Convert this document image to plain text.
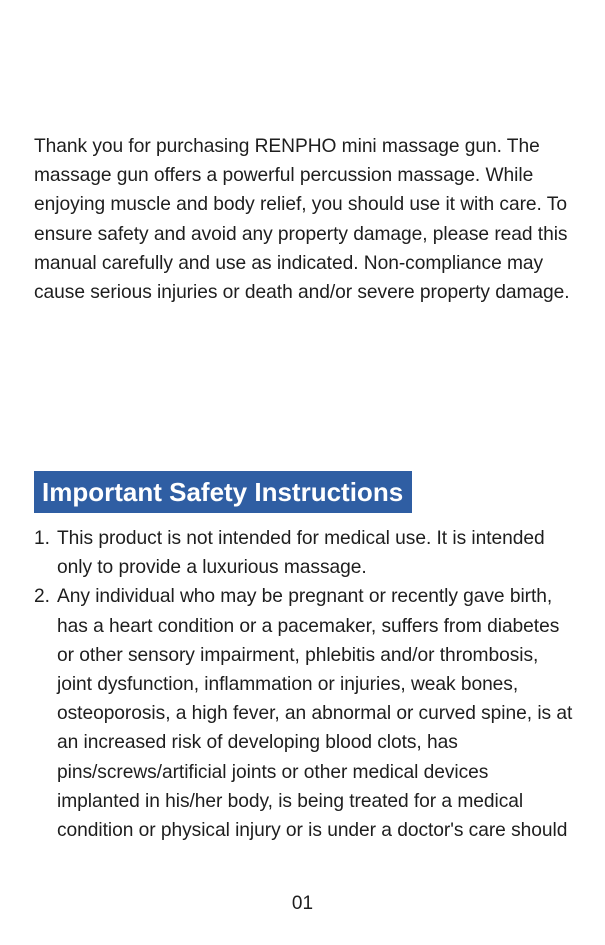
Thank you for purchasing RENPHO mini massage gun. The massage gun offers a powerful percussion massage. While enjoying muscle and body relief, you should use it with care. To ensure safety and avoid any property damage, please read this manual carefully and use as indicated. Non-compliance may cause serious injuries or death and/or severe property damage.

Important Safety Instructions
1. This product is not intended for medical use. It is intended only to provide a luxurious massage.
2. Any individual who may be pregnant or recently gave birth, has a heart condition or a pacemaker, suffers from diabetes or other sensory impairment, phlebitis and/or thrombosis, joint dysfunction, inflammation or injuries, weak bones, osteoporosis, a high fever, an abnormal or curved spine, is at an increased risk of developing blood clots, has pins/screws/artificial joints or other medical devices implanted in his/her body, is being treated for a medical condition or physical injury or is under a doctor's care should
01
